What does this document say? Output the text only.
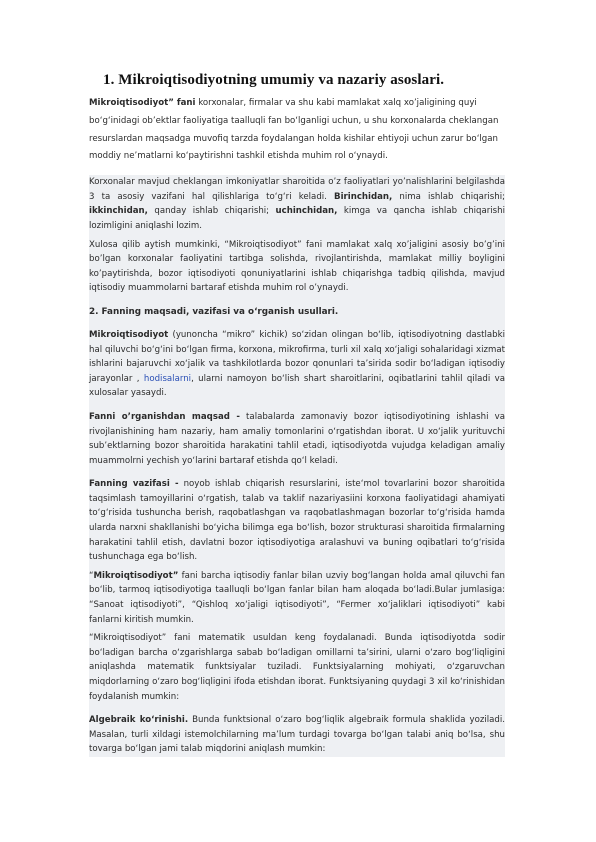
1. Mikroiqtisodiyotning umumiy va nazariy asoslari.

Mikroiqtisodiyot” fani korxonalar, firmalar va shu kabi mamlakat xalq xo’jaligining quyi bo‘g‘inidagi ob’ektlar faoliyatiga taalluqli fan bo‘lganligi uchun, u shu korxonalarda cheklangan resurslardan maqsadga muvofiq tarzda foydalangan holda kishilar ehtiyoji uchun zarur bo‘lgan moddiy ne’matlarni ko‘paytirishni tashkil etishda muhim rol o‘ynaydi.

Korxonalar mavjud cheklangan imkoniyatlar sharoitida o’z faoliyatlari yo’nalishlarini belgilashda 3 ta asosiy vazifani hal qilishlariga to‘g‘ri keladi. Birinchidan, nima ishlab chiqarishi; ikkinchidan, qanday ishlab chiqarishi; uchinchidan, kimga va qancha ishlab chiqarishi lozimligini aniqlashi lozim.

Xulosa qilib aytish mumkinki, “Mikroiqtisodiyot” fani mamlakat xalq xo’jaligini asosiy bo’g’ini bo’lgan korxonalar faoliyatini tartibga solishda, rivojlantirishda, mamlakat milliy boyligini ko’paytirishda, bozor iqtisodiyoti qonuniyatlarini ishlab chiqarishga tadbiq qilishda, mavjud iqtisodiy muammolarni bartaraf etishda muhim rol o’ynaydi.

2. Fanning maqsadi, vazifasi va o‘rganish usullari.

Mikroiqtisodiyot (yunoncha “mikro” kichik) so‘zidan olingan bo‘lib, iqtisodiyotning dastlabki hal qiluvchi bo‘g‘ini bo‘lgan firma, korxona, mikrofirma, turli xil xalq xo‘jaligi sohalaridagi xizmat ishlarini bajaruvchi xo‘jalik va tashkilotlarda bozor qonunlari ta’sirida sodir bo‘ladigan iqtisodiy jarayonlar , hodisalarni, ularni namoyon bo‘lish shart sharoitlarini, oqibatlarini tahlil qiladi va xulosalar yasaydi.

Fanni o’rganishdan maqsad - talabalarda zamonaviy bozor iqtisodiyotining ishlashi va rivojlanishining ham nazariy, ham amaliy tomonlarini o‘rgatishdan iborat. U xo‘jalik yurituvchi sub’ektlarning bozor sharoitida harakatini tahlil etadi, iqtisodiyotda vujudga keladigan amaliy muammolrni yechish yo‘larini bartaraf etishda qo‘l keladi.

Fanning vazifasi - noyob ishlab chiqarish resurslarini, iste‘mol tovarlarini bozor sharoitida taqsimlash tamoyillarini o‘rgatish, talab va taklif nazariyasiini korxona faoliyatidagi ahamiyati to‘g‘risida tushuncha berish, raqobatlashgan va raqobatlashmagan bozorlar to‘g‘risida hamda ularda narxni shakllanishi bo‘yicha bilimga ega bo‘lish, bozor strukturasi sharoitida firmalarning harakatini tahlil etish, davlatni bozor iqtisodiyotiga aralashuvi va buning oqibatlari to‘g‘risida tushunchaga ega bo‘lish.

“Mikroiqtisodiyot” fani barcha iqtisodiy fanlar bilan uzviy bog‘langan holda amal qiluvchi fan bo‘lib, tarmoq iqtisodiyotiga taalluqli bo‘lgan fanlar bilan ham aloqada bo‘ladi.Bular jumlasiga: “Sanoat iqtisodiyoti”, “Qishloq xo‘jaligi iqtisodiyoti”, “Fermer xo‘jaliklari iqtisodiyoti” kabi fanlarni kiritish mumkin.

“Mikroiqtisodiyot” fani matematik usuldan keng foydalanadi. Bunda iqtisodiyotda sodir bo‘ladigan barcha o‘zgarishlarga sabab bo‘ladigan omillarni ta’sirini, ularni o‘zaro bog‘liqligini aniqlashda matematik funktsiyalar tuziladi. Funktsiyalarning mohiyati, o‘zgaruvchan miqdorlarning o‘zaro bog‘liqligini ifoda etishdan iborat. Funktsiyaning quydagi 3 xil ko‘rinishidan foydalanish mumkin:

Algebraik ko‘rinishi. Bunda funktsional o‘zaro bog‘liqlik algebraik formula shaklida yoziladi. Masalan, turli xildagi istemolchilarning ma’lum turdagi tovarga bo‘lgan talabi aniq bo‘lsa, shu tovarga bo‘lgan jami talab miqdorini aniqlash mumkin:
